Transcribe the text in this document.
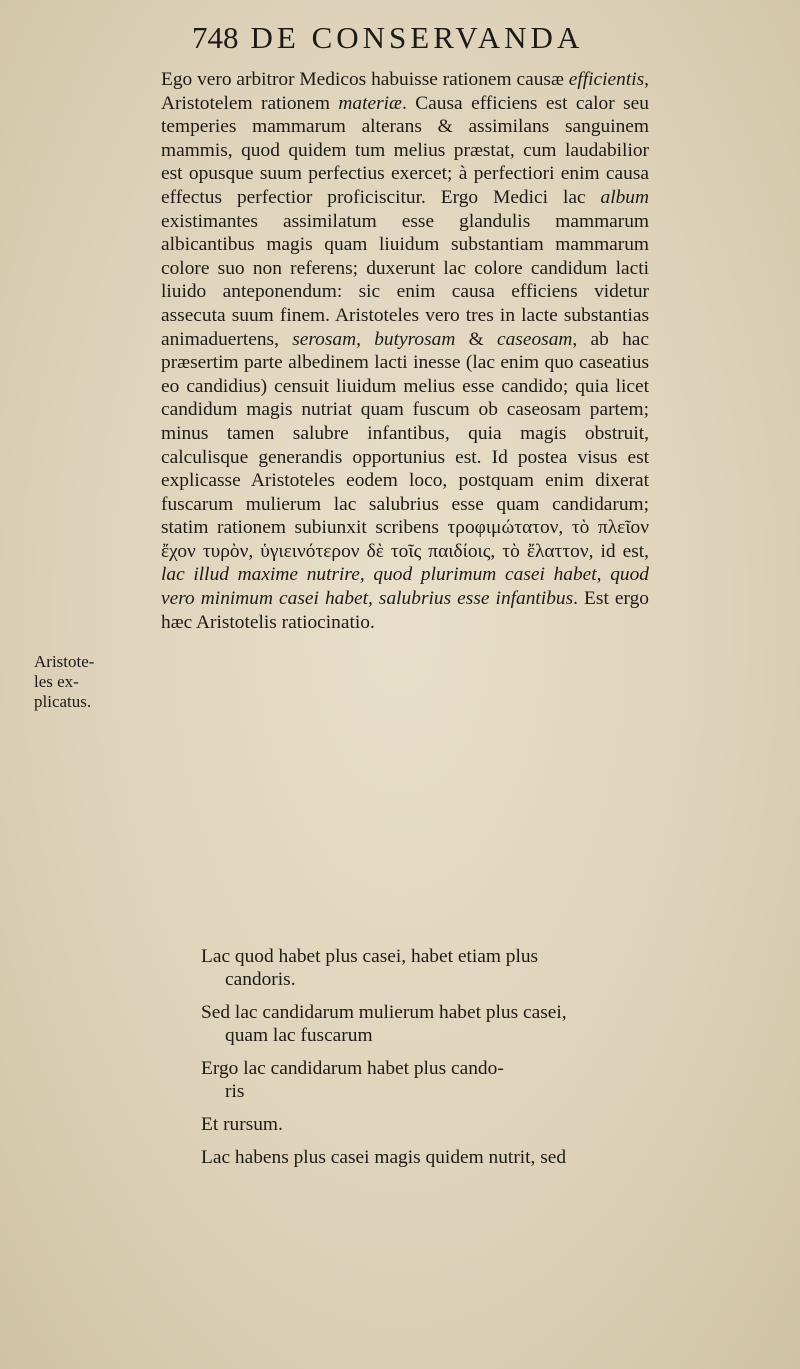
748 DE CONSERVANDA
Aristote-
les ex-
plicatus.

Ego vero arbitror Medicos habuisse rationem causæ efficientis, Aristotelem rationem materiæ. Causa efficiens est calor seu temperies mammarum alterans & assimilans sanguinem mammis, quod quidem tum melius præstat, cum laudabilior est opusque suum perfectius exercet; à perfectiori enim causa effectus perfectior proficiscitur. Ergo Medici lac album existimantes assimilatum esse glandulis mammarum albicantibus magis quam liuidum substantiam mammarum colore suo non referens; duxerunt lac colore candidum lacti liuido anteponendum: sic enim causa efficiens videtur assecuta suum finem. Aristoteles vero tres in lacte substantias animaduertens, serosam, butyrosam & caseosam, ab hac præsertim parte albedinem lacti inesse (lac enim quo caseatius eo candidius) censuit liuidum melius esse candido; quia licet candidum magis nutriat quam fuscum ob caseosam partem; minus tamen salubre infantibus, quia magis obstruit, calculisque generandis opportunius est. Id postea visus est explicasse Aristoteles eodem loco, postquam enim dixerat fuscarum mulierum lac salubrius esse quam candidarum; statim rationem subiunxit scribens τροφιμώτατον, τὸ πλεῖον ἔχον τυρὸν, ὑγιεινότερον δὲ τοῖς παιδίοις, τὸ ἔλαττον, id est, lac illud maxime nutrire, quod plurimum casei habet, quod vero minimum casei habet, salubrius esse infantibus. Est ergo hæc Aristotelis ratiocinatio.

Lac quod habet plus casei, habet etiam plus
candoris.
Sed lac candidarum mulierum habet plus casei,
quam lac fuscarum
Ergo lac candidarum habet plus cando-
ris
Et rursum.
Lac habens plus casei magis quidem nutrit, sed
